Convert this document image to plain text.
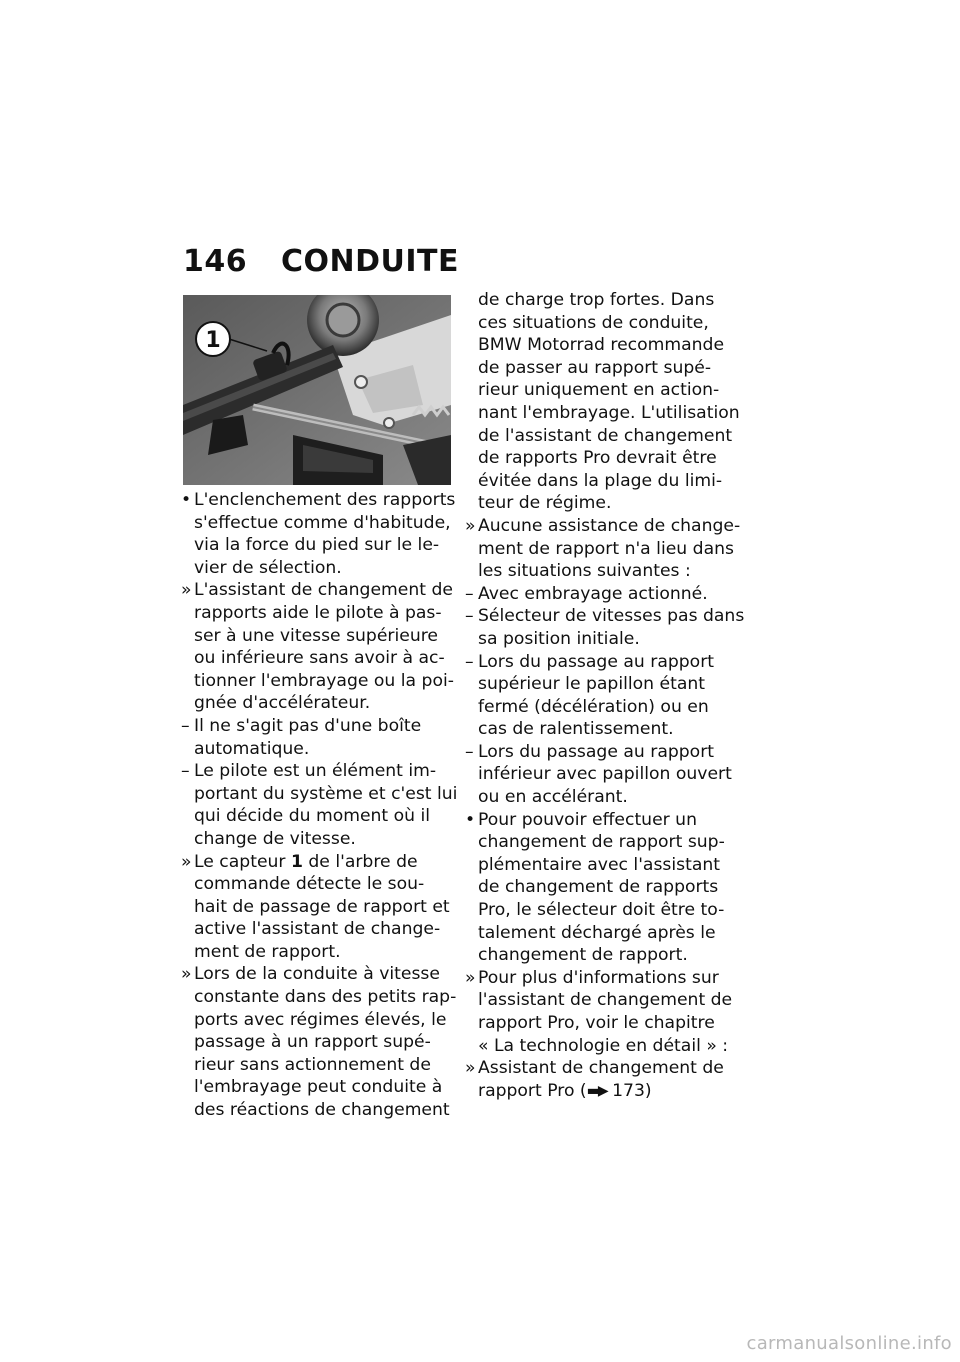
146 CONDUITE
1
• L'enclenchement des rapports
s'effectue comme d'habitude,
via la force du pied sur le le-
vier de sélection.
» L'assistant de changement de
rapports aide le pilote à pas-
ser à une vitesse supérieure
ou inférieure sans avoir à ac-
tionner l'embrayage ou la poi-
gnée d'accélérateur.
– Il ne s'agit pas d'une boîte
automatique.
– Le pilote est un élément im-
portant du système et c'est lui
qui décide du moment où il
change de vitesse.
» Le capteur 1 de l'arbre de
commande détecte le sou-
hait de passage de rapport et
active l'assistant de change-
ment de rapport.
» Lors de la conduite à vitesse
constante dans des petits rap-
ports avec régimes élevés, le
passage à un rapport supé-
rieur sans actionnement de
l'embrayage peut conduite à
des réactions de changement
de charge trop fortes. Dans
ces situations de conduite,
BMW Motorrad recommande
de passer au rapport supé-
rieur uniquement en action-
nant l'embrayage. L'utilisation
de l'assistant de changement
de rapports Pro devrait être
évitée dans la plage du limi-
teur de régime.
» Aucune assistance de change-
ment de rapport n'a lieu dans
les situations suivantes :
– Avec embrayage actionné.
– Sélecteur de vitesses pas dans
sa position initiale.
– Lors du passage au rapport
supérieur le papillon étant
fermé (décélération) ou en
cas de ralentissement.
– Lors du passage au rapport
inférieur avec papillon ouvert
ou en accélérant.
• Pour pouvoir effectuer un
changement de rapport sup-
plémentaire avec l'assistant
de changement de rapports
Pro, le sélecteur doit être to-
talement déchargé après le
changement de rapport.
» Pour plus d'informations sur
l'assistant de changement de
rapport Pro, voir le chapitre
« La technologie en détail » :
» Assistant de changement de
rapport Pro (▬▶ 173)
carmanualsonline.info
